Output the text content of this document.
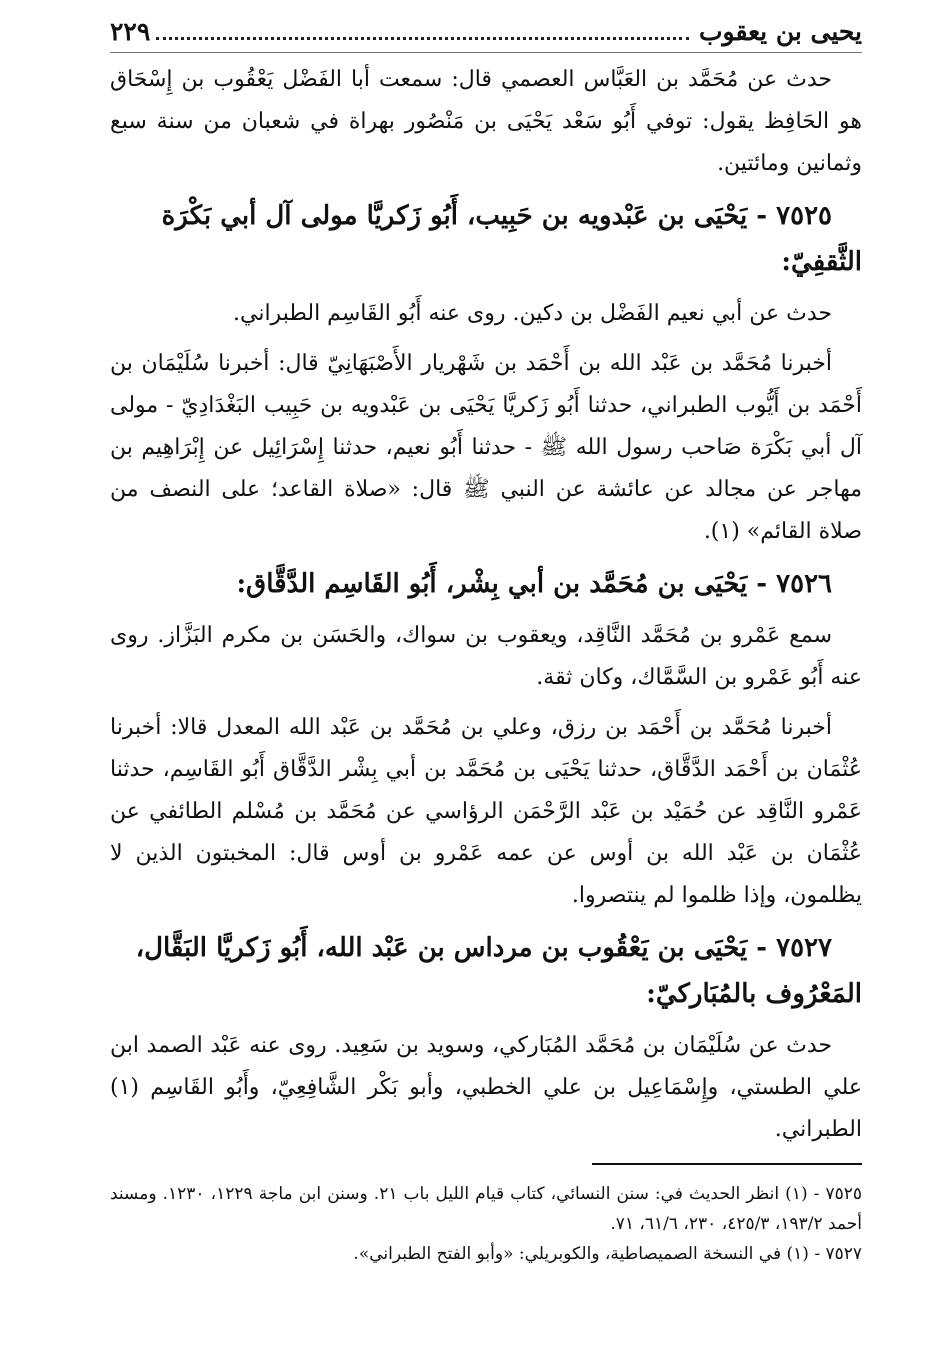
يحيى بن يعقوب
٢٢٩

حدث عن مُحَمَّد بن العَبَّاس العصمي قال: سمعت أبا الفَضْل يَعْقُوب بن إِسْحَاق هو الحَافِظ يقول: توفي أَبُو سَعْد يَحْيَى بن مَنْصُور بهراة في شعبان من سنة سبع وثمانين ومائتين.

٧٥٢٥ - يَحْيَى بن عَبْدويه بن حَبِيب، أَبُو زَكريَّا مولى آل أبي بَكْرَة الثَّقفِيّ:

حدث عن أبي نعيم الفَضْل بن دكين. روى عنه أَبُو القَاسِم الطبراني.

أخبرنا مُحَمَّد بن عَبْد الله بن أَحْمَد بن شَهْريار الأَصْبَهَانِيّ قال: أخبرنا سُلَيْمَان بن أَحْمَد بن أَيُّوب الطبراني، حدثنا أَبُو زَكريَّا يَحْيَى بن عَبْدويه بن حَبِيب البَغْدَادِيّ - مولى آل أبي بَكْرَة صَاحب رسول الله ﷺ - حدثنا أَبُو نعيم، حدثنا إِسْرَائِيل عن إِبْرَاهِيم بن مهاجر عن مجالد عن عائشة عن النبي ﷺ قال: «صلاة القاعد؛ على النصف من صلاة القائم» (١).

٧٥٢٦ - يَحْيَى بن مُحَمَّد بن أبي بِشْر، أَبُو القَاسِم الدَّقَّاق:

سمع عَمْرو بن مُحَمَّد النَّاقِد، ويعقوب بن سواك، والحَسَن بن مكرم البَزَّاز. روى عنه أَبُو عَمْرو بن السَّمَّاك، وكان ثقة.

أخبرنا مُحَمَّد بن أَحْمَد بن رزق، وعلي بن مُحَمَّد بن عَبْد الله المعدل قالا: أخبرنا عُثْمَان بن أَحْمَد الدَّقَّاق، حدثنا يَحْيَى بن مُحَمَّد بن أبي بِشْر الدَّقَّاق أَبُو القَاسِم، حدثنا عَمْرو النَّاقِد عن حُمَيْد بن عَبْد الرَّحْمَن الرؤاسي عن مُحَمَّد بن مُسْلم الطائفي عن عُثْمَان بن عَبْد الله بن أوس عن عمه عَمْرو بن أوس قال: المخبتون الذين لا يظلمون، وإذا ظلموا لم ينتصروا.

٧٥٢٧ - يَحْيَى بن يَعْقُوب بن مرداس بن عَبْد الله، أَبُو زَكريَّا البَقَّال، المَعْرُوف بالمُبَاركيّ:

حدث عن سُلَيْمَان بن مُحَمَّد المُبَاركي، وسويد بن سَعِيد. روى عنه عَبْد الصمد ابن علي الطستي، وإِسْمَاعِيل بن علي الخطبي، وأبو بَكْر الشَّافِعِيّ، وأَبُو القَاسِم (١) الطبراني.

٧٥٢٥ - (١) انظر الحديث في: سنن النسائي، كتاب قيام الليل باب ٢١. وسنن ابن ماجة ١٢٢٩، ١٢٣٠. ومسند أحمد ١٩٣/٢، ٤٢٥/٣، ٢٣٠، ٦١/٦، ٧١.

٧٥٢٧ - (١) في النسخة الصميصاطية، والكوبريلي: «وأبو الفتح الطبراني».
